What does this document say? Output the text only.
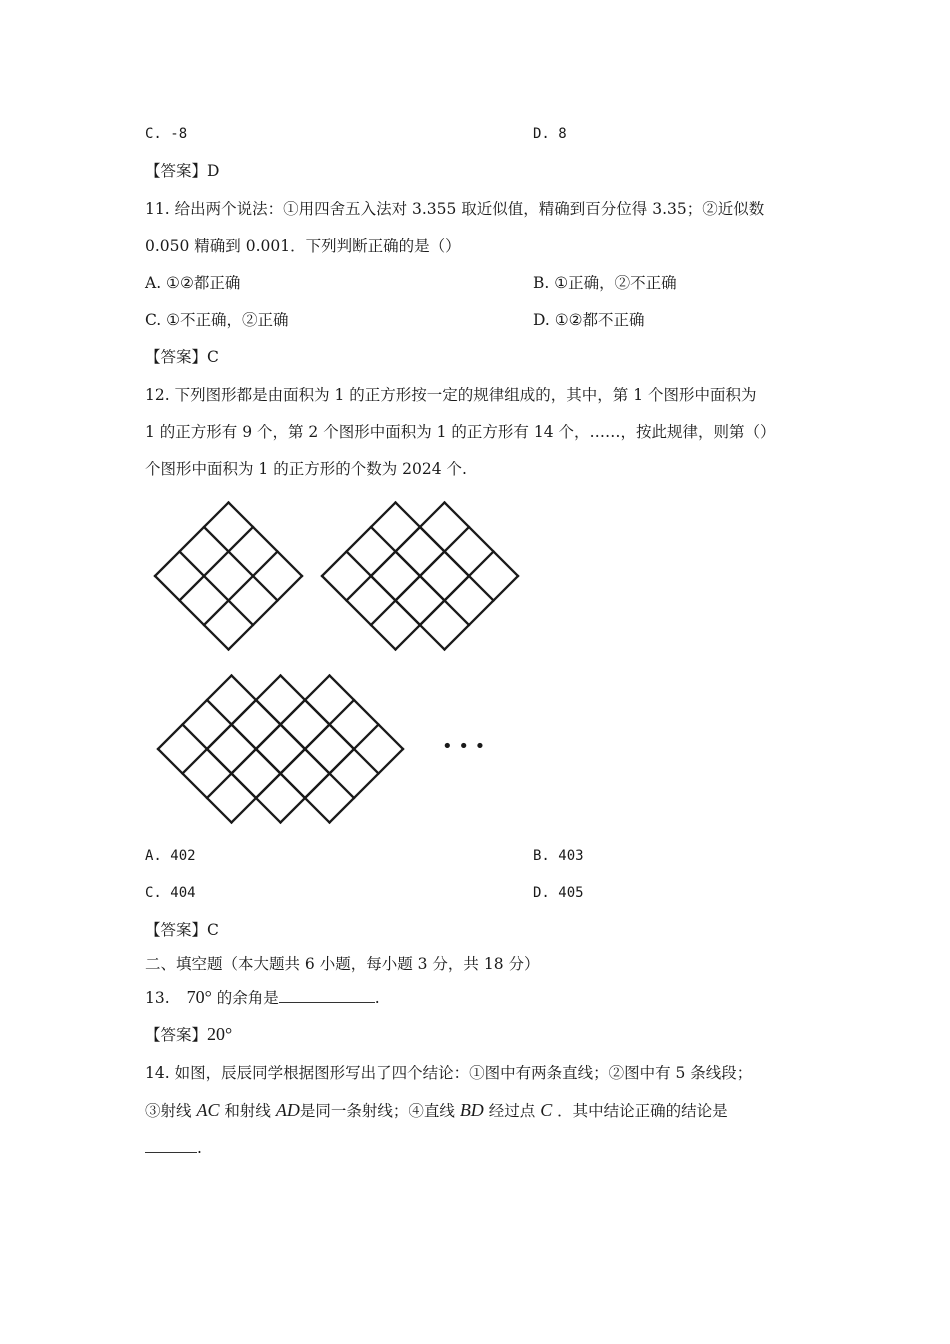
C. -8	D. 8
【答案】D
11. 给出两个说法：①用四舍五入法对 3.355 取近似值，精确到百分位得 3.35；②近似数
0.050 精确到 0.001．下列判断正确的是（）
A. ①②都正确	B. ①正确，②不正确
C. ①不正确，②正确	D. ①②都不正确
【答案】C
12. 下列图形都是由面积为 1 的正方形按一定的规律组成的，其中，第 1 个图形中面积为
1 的正方形有 9 个，第 2 个图形中面积为 1 的正方形有 14 个，……，按此规律，则第（）
个图形中面积为 1 的正方形的个数为 2024 个.
• • •
A. 402	B. 403
C. 404	D. 405
【答案】C
二、填空题（本大题共 6 小题，每小题 3 分，共 18 分）
13. 70° 的余角是	.
【答案】20°
14. 如图，辰辰同学根据图形写出了四个结论：①图中有两条直线；②图中有 5 条线段；
③射线 AC 和射线 AD是同一条射线；④直线 BD 经过点 C ．其中结论正确的结论是
.
